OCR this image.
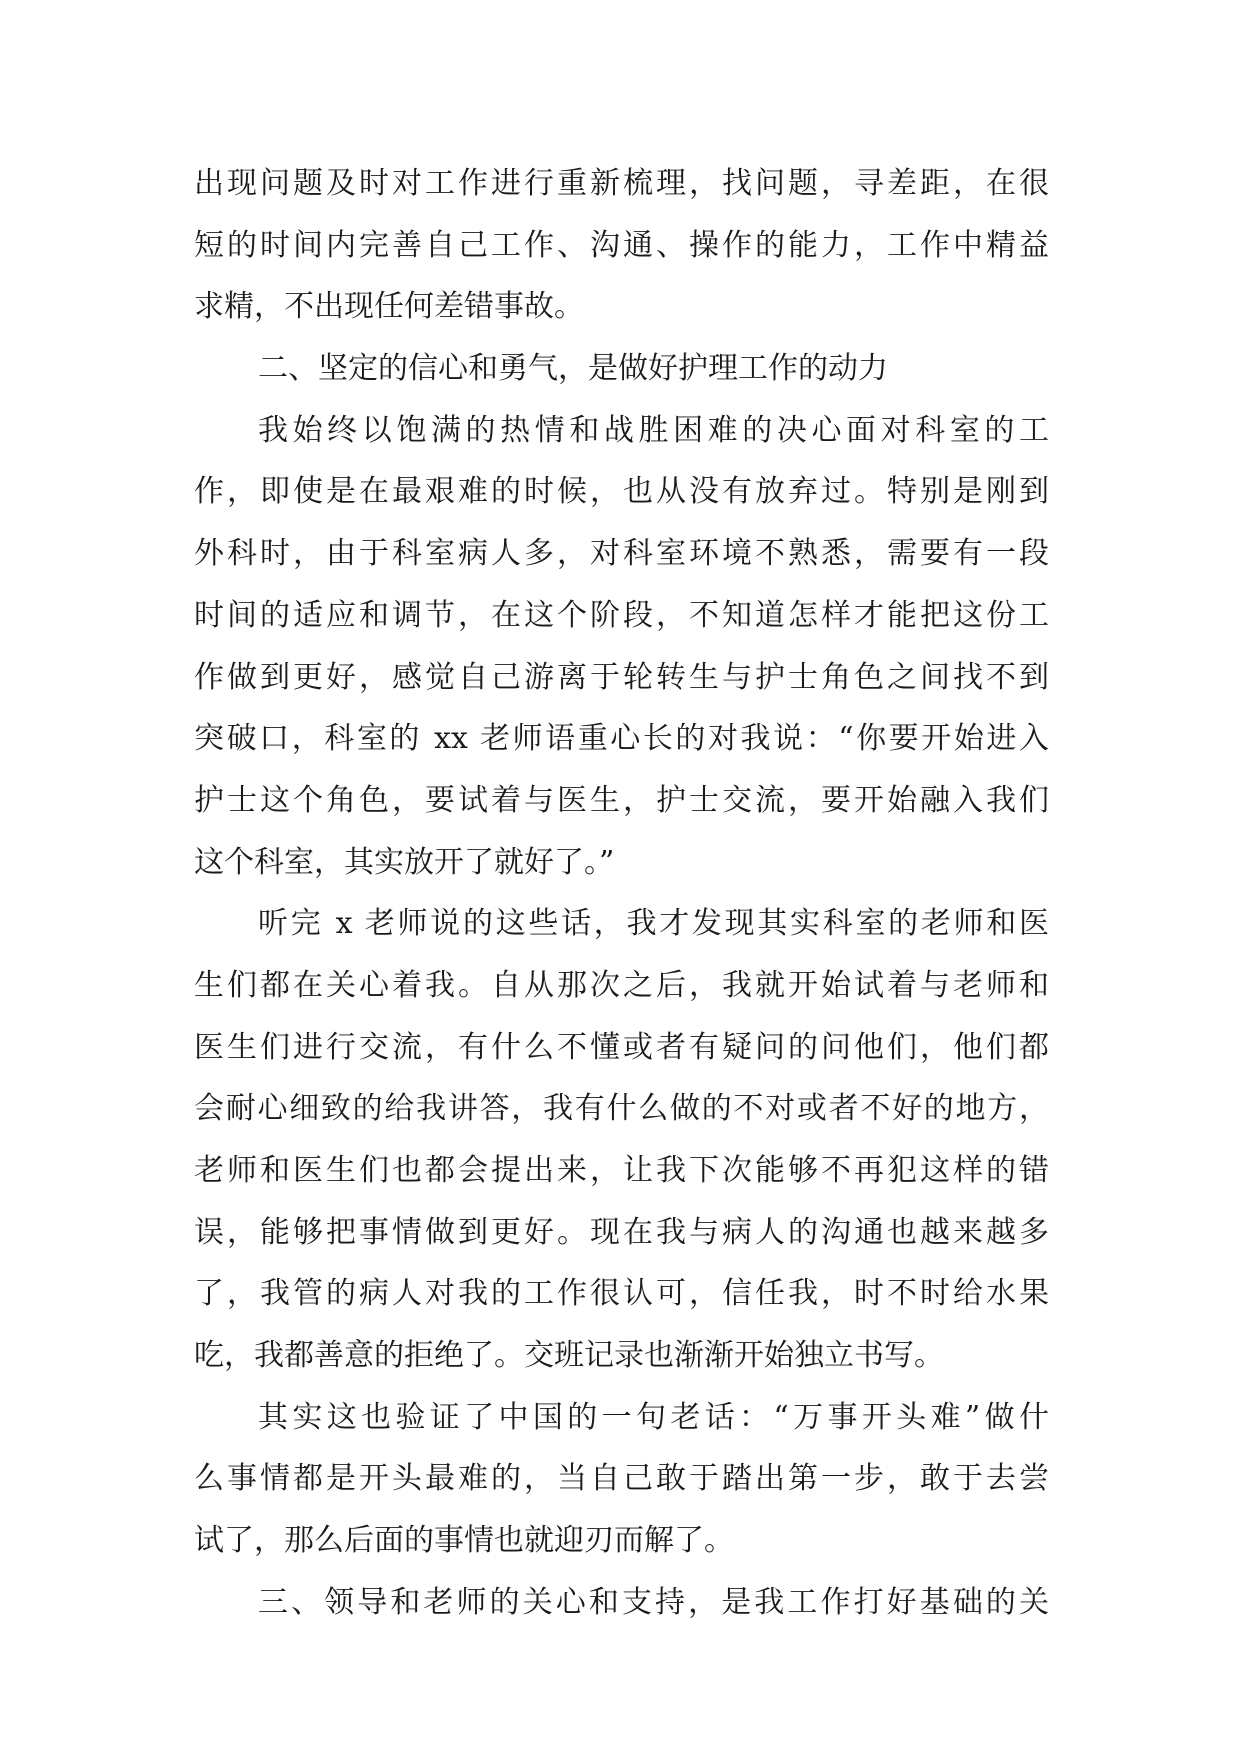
出现问题及时对工作进行重新梳理，找问题，寻差距，在很
短的时间内完善自己工作、沟通、操作的能力，工作中精益
求精，不出现任何差错事故。
二、坚定的信心和勇气，是做好护理工作的动力
我始终以饱满的热情和战胜困难的决心面对科室的工
作，即使是在最艰难的时候，也从没有放弃过。特别是刚到
外科时，由于科室病人多，对科室环境不熟悉，需要有一段
时间的适应和调节，在这个阶段，不知道怎样才能把这份工
作做到更好，感觉自己游离于轮转生与护士角色之间找不到
突破口，科室的 xx 老师语重心长的对我说：“你要开始进入
护士这个角色，要试着与医生，护士交流，要开始融入我们
这个科室，其实放开了就好了。”
听完 x 老师说的这些话，我才发现其实科室的老师和医
生们都在关心着我。自从那次之后，我就开始试着与老师和
医生们进行交流，有什么不懂或者有疑问的问他们，他们都
会耐心细致的给我讲答，我有什么做的不对或者不好的地方，
老师和医生们也都会提出来，让我下次能够不再犯这样的错
误，能够把事情做到更好。现在我与病人的沟通也越来越多
了，我管的病人对我的工作很认可，信任我，时不时给水果
吃，我都善意的拒绝了。交班记录也渐渐开始独立书写。
其实这也验证了中国的一句老话：“万事开头难”做什
么事情都是开头最难的，当自己敢于踏出第一步，敢于去尝
试了，那么后面的事情也就迎刃而解了。
三、领导和老师的关心和支持，是我工作打好基础的关
